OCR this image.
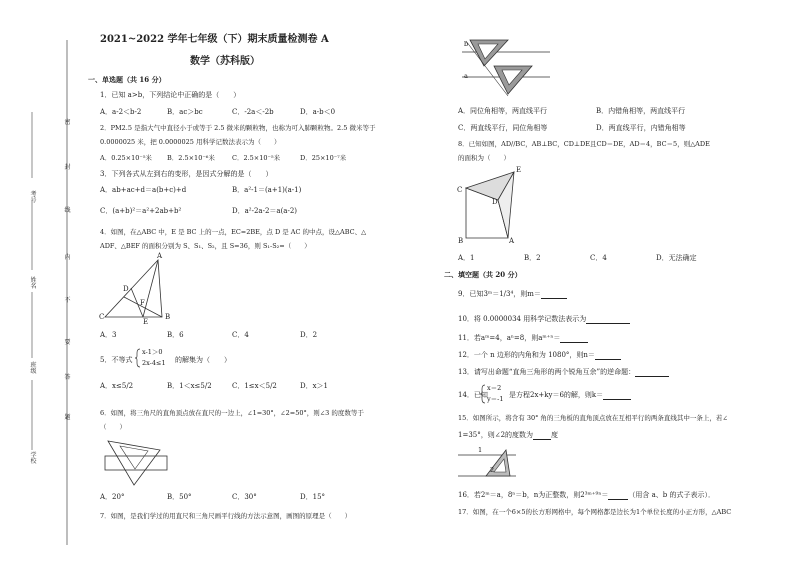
密
封
线
内
不
要
答
题
考号
姓名
班级
学校
2021~2022 学年七年级（下）期末质量检测卷 A
数学（苏科版）
一、单选题（共 16 分）
1．已知 a>b，下列结论中正确的是（　　）
A．a-2＜b-2	B．ac＞bc	C．-2a＜-2b	D．a-b＜0
2．PM2.5 是指大气中直径小于或等于 2.5 微米的颗粒物，也称为可入肺颗粒物。2.5 微米等于
0.0000025 米，把 0.0000025 用科学记数法表示为（　　）
A．0.25×10⁻⁵米 B．2.5×10⁻⁶米	C．2.5×10⁻⁵米	D．25×10⁻⁷米
3．下列各式从左到右的变形，是因式分解的是（　　）
A．ab+ac+d＝a(b+c)+d	B．a²-1＝(a+1)(a-1)
C．(a+b)²＝a²+2ab+b²	D．a²-2a-2＝a(a-2)
4．如图，在△ABC 中，E 是 BC 上的一点，EC=2BE，点 D 是 AC 的中点，设△ABC、△
ADF、△BEF 的面积分别为 S、S₁、S₂，且 S=36，则 S₁-S₂=（　　）
A
D
F
B
E
C
A．3	B．6	C．4	D．2
5．不等式
x-1＞0
2x-4≤1 的解集为（　　）
A．x≤5/2	B．1＜x≤5/2	C．1≤x＜5/2	D．x＞1
6．如图，将三角尺的直角顶点放在直尺的一边上，∠1=30°，∠2=50°，则∠3 的度数等于
（　　）
A．20°	B．50°	C．30°	D．15°
7．如图，是我们学过的用直尺和三角尺画平行线的方法示意图，画图的原理是（　　）
b
a
A．同位角相等，两直线平行	B．内错角相等，两直线平行
C．两直线平行，同位角相等	D．两直线平行，内错角相等
8．已知如图，AD//BC，AB⊥BC，CD⊥DE且CD＝DE，AD＝4，BC＝5，则△ADE
的面积为（　　）
E
C
D
B	A
A．1	B．2	C．4	D．无法确定
二、填空题（共 20 分）
9．已知3ᵐ＝1/3⁴，则m＝
10．将 0.0000034 用科学记数法表示为
11．若aᵐ=4，aⁿ=8，则aᵐ⁺ⁿ＝
12．一个 n 边形的内角和为 1080°，则n＝
13．请写出命题“直角三角形的两个锐角互余”的逆命题：
14．已知
x＝2
y＝-1 是方程2x+ky＝6的解，则k＝
15．如图所示，将含有 30° 角的三角板的直角顶点放在互相平行的两条直线其中一条上，若∠
1=35°，则∠2的度数为	度
1
2
16．若2ᵐ＝a，8ⁿ＝b，n为正整数，则2³ᵐ⁺⁹ⁿ＝	（用含 a、b 的式子表示）．
17．如图，在一个6×5的长方形网格中，每个网格都是边长为1个单位长度的小正方形，△ABC
